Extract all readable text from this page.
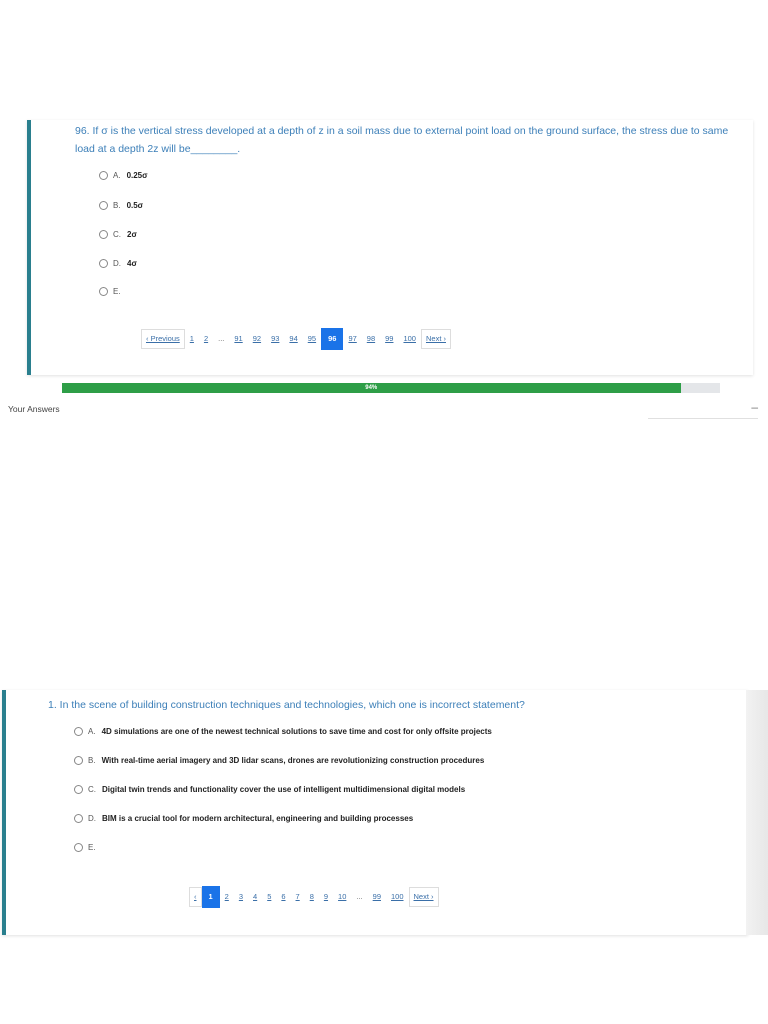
96. If σ is the vertical stress developed at a depth of z in a soil mass due to external point load on the ground surface, the stress due to same load at a depth 2z will be________.
A. 0.25σ
B. 0.5σ
C. 2σ
D. 4σ
E.
‹ Previous	1	2	...	91	92	93	94	95	96	97	98	99	100	Next ›
94%
Your Answers	–
1. In the scene of building construction techniques and technologies, which one is incorrect statement?
A. 4D simulations are one of the newest technical solutions to save time and cost for only offsite projects
B. With real-time aerial imagery and 3D lidar scans, drones are revolutionizing construction procedures
C. Digital twin trends and functionality cover the use of intelligent multidimensional digital models
D. BIM is a crucial tool for modern architectural, engineering and building processes
E.
‹	1	2	3	4	5	6	7	8	9	10	...	99	100	Next ›
